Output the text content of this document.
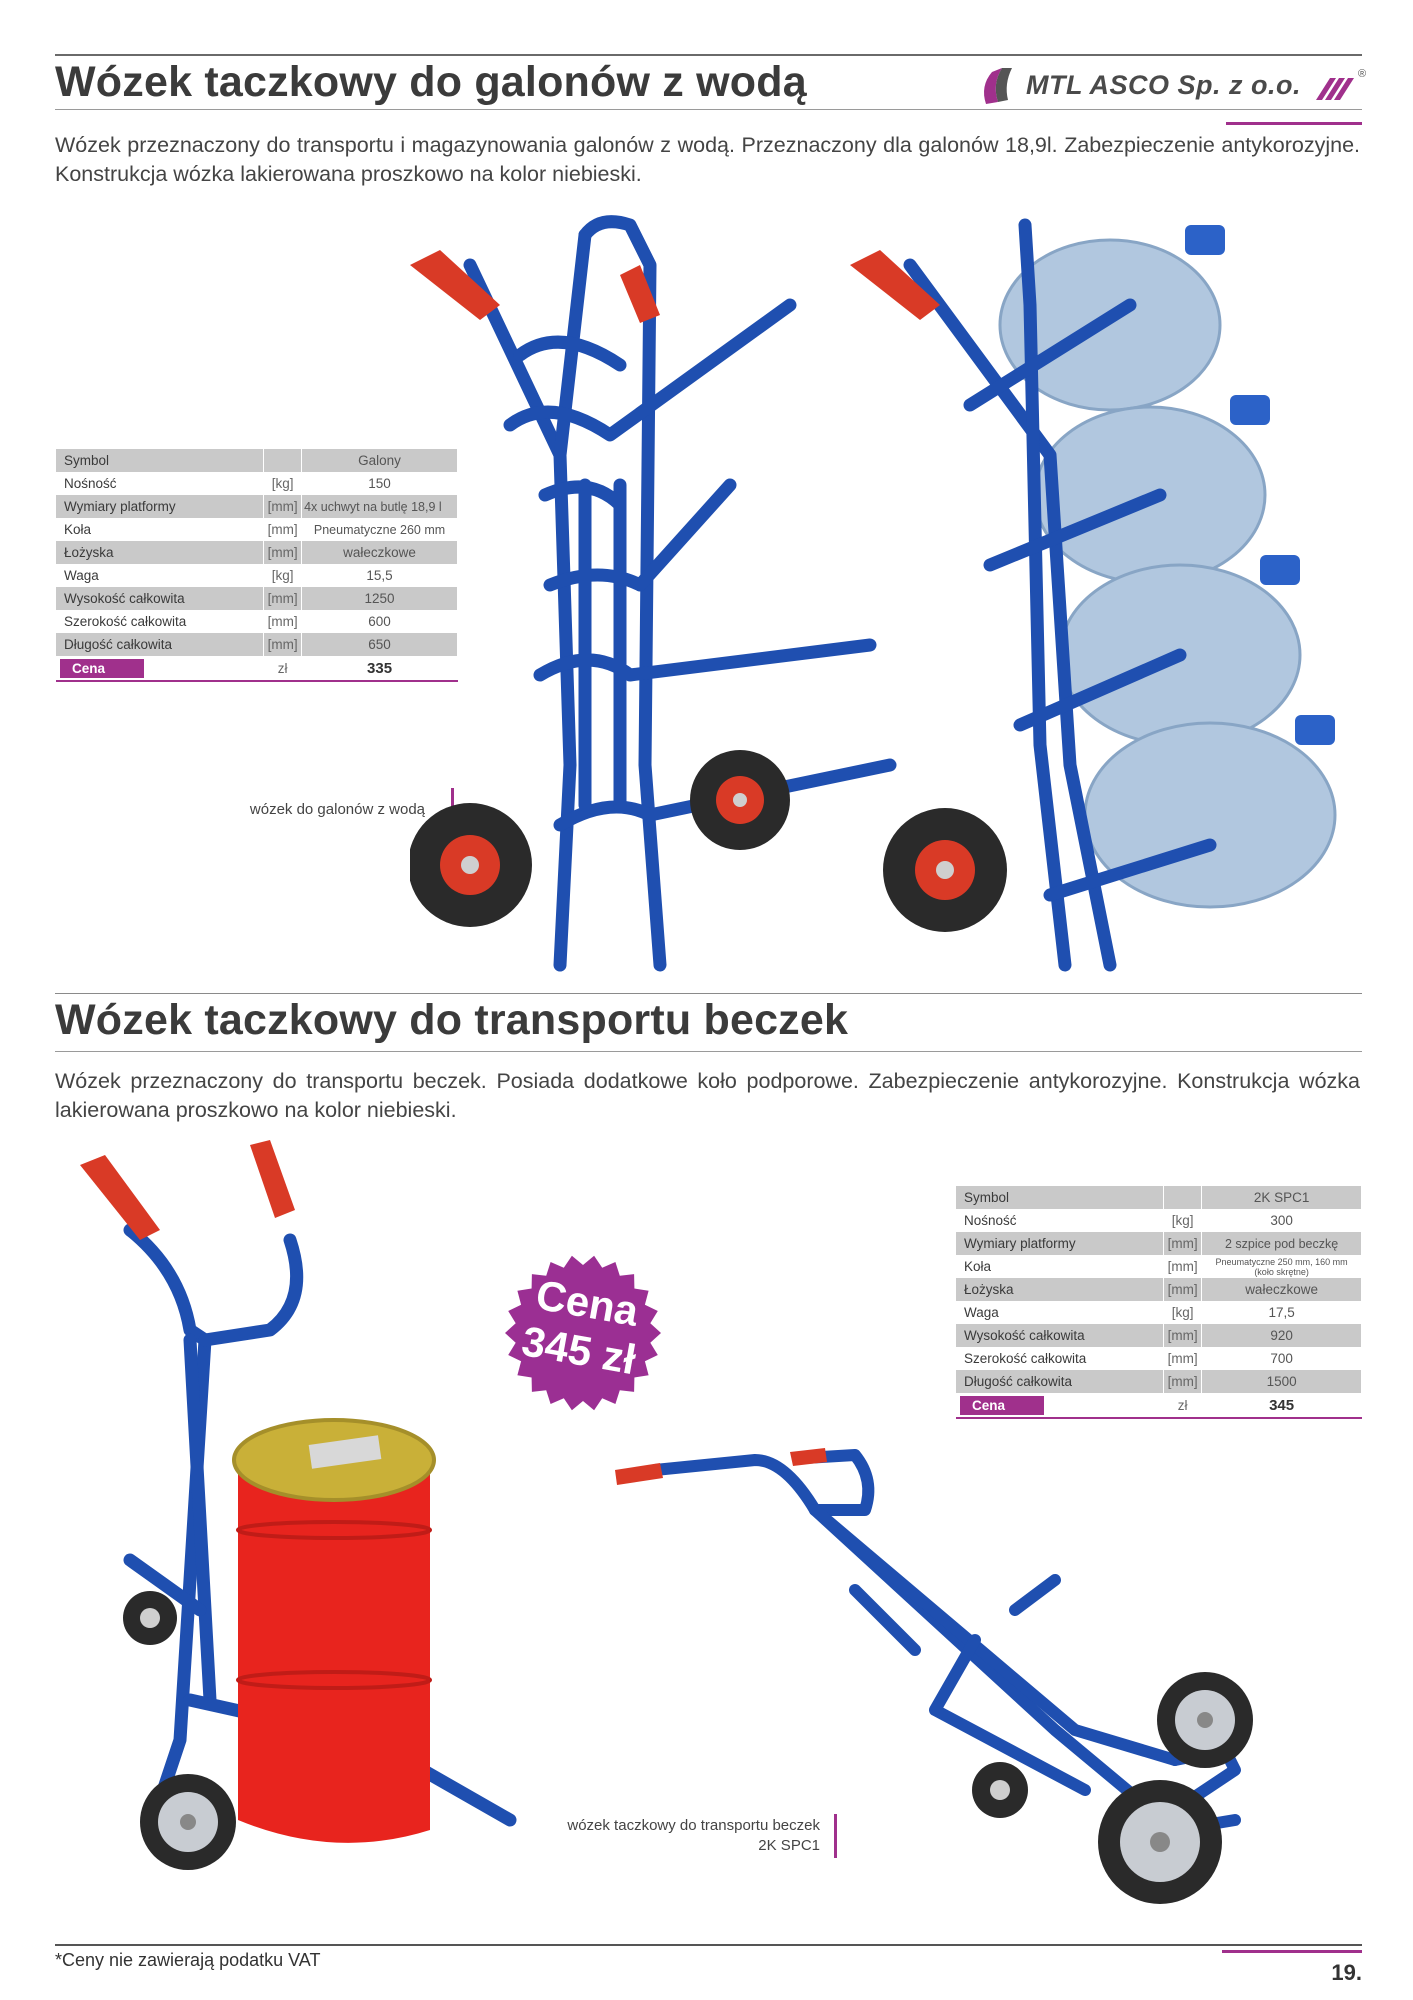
Wózek taczkowy do galonów z wodą	MTL ASCO Sp. z o.o.	®
Wózek przeznaczony do transportu i magazynowania galonów z wodą. Przeznaczony dla galonów 18,9l. Zabezpieczenie antykorozyjne. Konstrukcja wózka lakierowana proszkowo na kolor niebieski.
Symbol		Galony
Nośność	[kg]	150
Wymiary platformy	[mm]	4x uchwyt na butlę 18,9 l
Koła	[mm]	Pneumatyczne 260 mm
Łożyska	[mm]	wałeczkowe
Waga	[kg]	15,5
Wysokość całkowita	[mm]	1250
Szerokość całkowita	[mm]	600
Długość całkowita	[mm]	650
Cena	zł	335
wózek do galonów z wodą
Wózek taczkowy do transportu beczek
Wózek przeznaczony do transportu beczek. Posiada dodatkowe koło podporowe. Zabezpieczenie antykorozyjne. Konstrukcja wózka lakierowana proszkowo na kolor niebieski.
Symbol		2K SPC1
Nośność	[kg]	300
Wymiary platformy	[mm]	2 szpice pod beczkę
Koła	[mm]	Pneumatyczne 250 mm, 160 mm (koło skrętne)
Łożyska	[mm]	wałeczkowe
Waga	[kg]	17,5
Wysokość całkowita	[mm]	920
Szerokość całkowita	[mm]	700
Długość całkowita	[mm]	1500
Cena	zł	345
Cena
345 zł
wózek taczkowy do transportu beczek
2K SPC1
*Ceny nie zawierają podatku VAT	19.
